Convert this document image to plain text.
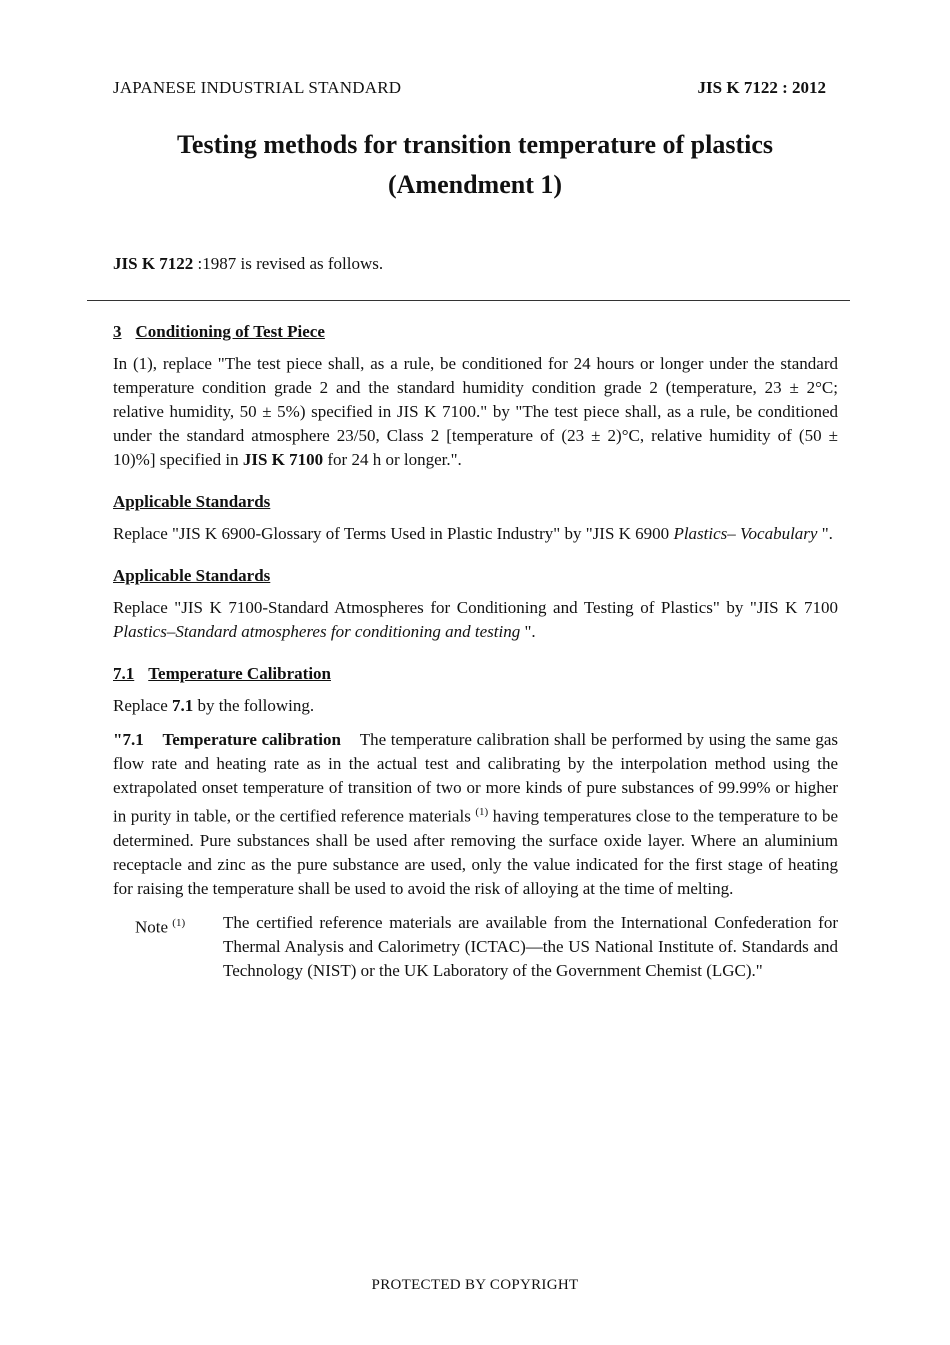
JAPANESE INDUSTRIAL STANDARD	JIS K 7122 : 2012
Testing methods for transition temperature of plastics
(Amendment 1)
JIS K 7122 :1987 is revised as follows.
3 Conditioning of Test Piece

In (1), replace "The test piece shall, as a rule, be conditioned for 24 hours or longer under the standard temperature condition grade 2 and the standard humidity condition grade 2 (temperature, 23 ± 2°C; relative humidity, 50 ± 5%) specified in JIS K 7100." by "The test piece shall, as a rule, be conditioned under the standard atmosphere 23/50, Class 2 [temperature of (23 ± 2)°C, relative humidity of (50 ± 10)%] specified in JIS K 7100 for 24 h or longer.".

Applicable Standards

Replace "JIS K 6900-Glossary of Terms Used in Plastic Industry" by "JIS K 6900 Plastics– Vocabulary ".

Applicable Standards

Replace "JIS K 7100-Standard Atmospheres for Conditioning and Testing of Plastics" by "JIS K 7100 Plastics–Standard atmospheres for conditioning and testing ".

7.1 Temperature Calibration

Replace 7.1 by the following.

"7.1 Temperature calibration The temperature calibration shall be performed by using the same gas flow rate and heating rate as in the actual test and calibrating by the interpolation method using the extrapolated onset temperature of transition of two or more kinds of pure substances of 99.99% or higher in purity in table, or the certified reference materials $^{(1)}$ having temperatures close to the temperature to be determined. Pure substances shall be used after removing the surface oxide layer. Where an aluminium receptacle and zinc as the pure substance are used, only the value indicated for the first stage of heating for raising the temperature shall be used to avoid the risk of alloying at the time of melting.

Note $^{(1)}$	The certified reference materials are available from the International Confederation for Thermal Analysis and Calorimetry (ICTAC)—the US National Institute of. Standards and Technology (NIST) or the UK Laboratory of the Government Chemist (LGC)."
PROTECTED BY COPYRIGHT
